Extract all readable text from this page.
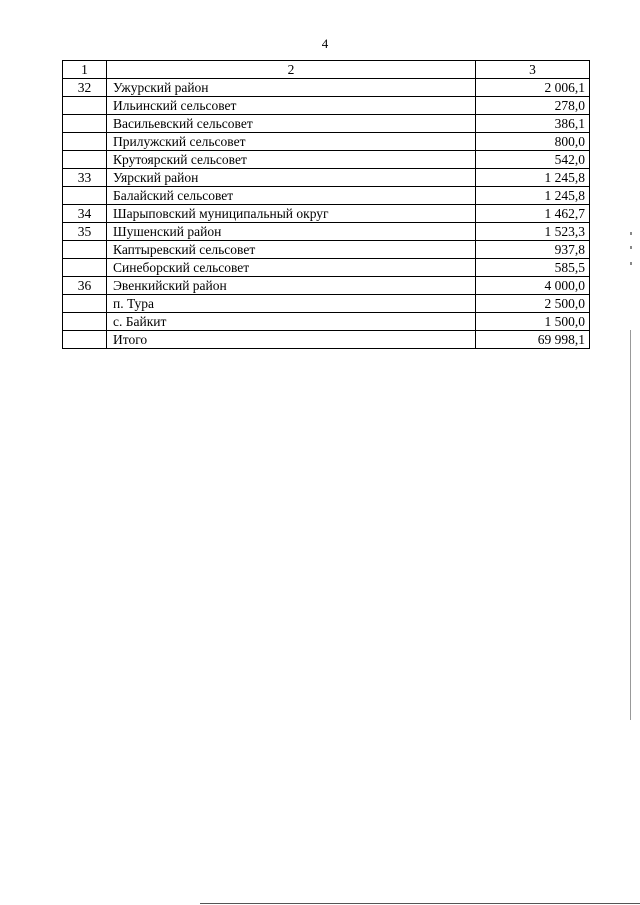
4
1	2	3
32	Ужурский район	2 006,1
	Ильинский сельсовет	278,0
	Васильевский сельсовет	386,1
	Прилужский сельсовет	800,0
	Крутоярский сельсовет	542,0
33	Уярский район	1 245,8
	Балайский сельсовет	1 245,8
34	Шарыповский муниципальный округ	1 462,7
35	Шушенский район	1 523,3
	Каптыревский сельсовет	937,8
	Синеборский сельсовет	585,5
36	Эвенкийский район	4 000,0
	п. Тура	2 500,0
	с. Байкит	1 500,0
	Итого	69 998,1
